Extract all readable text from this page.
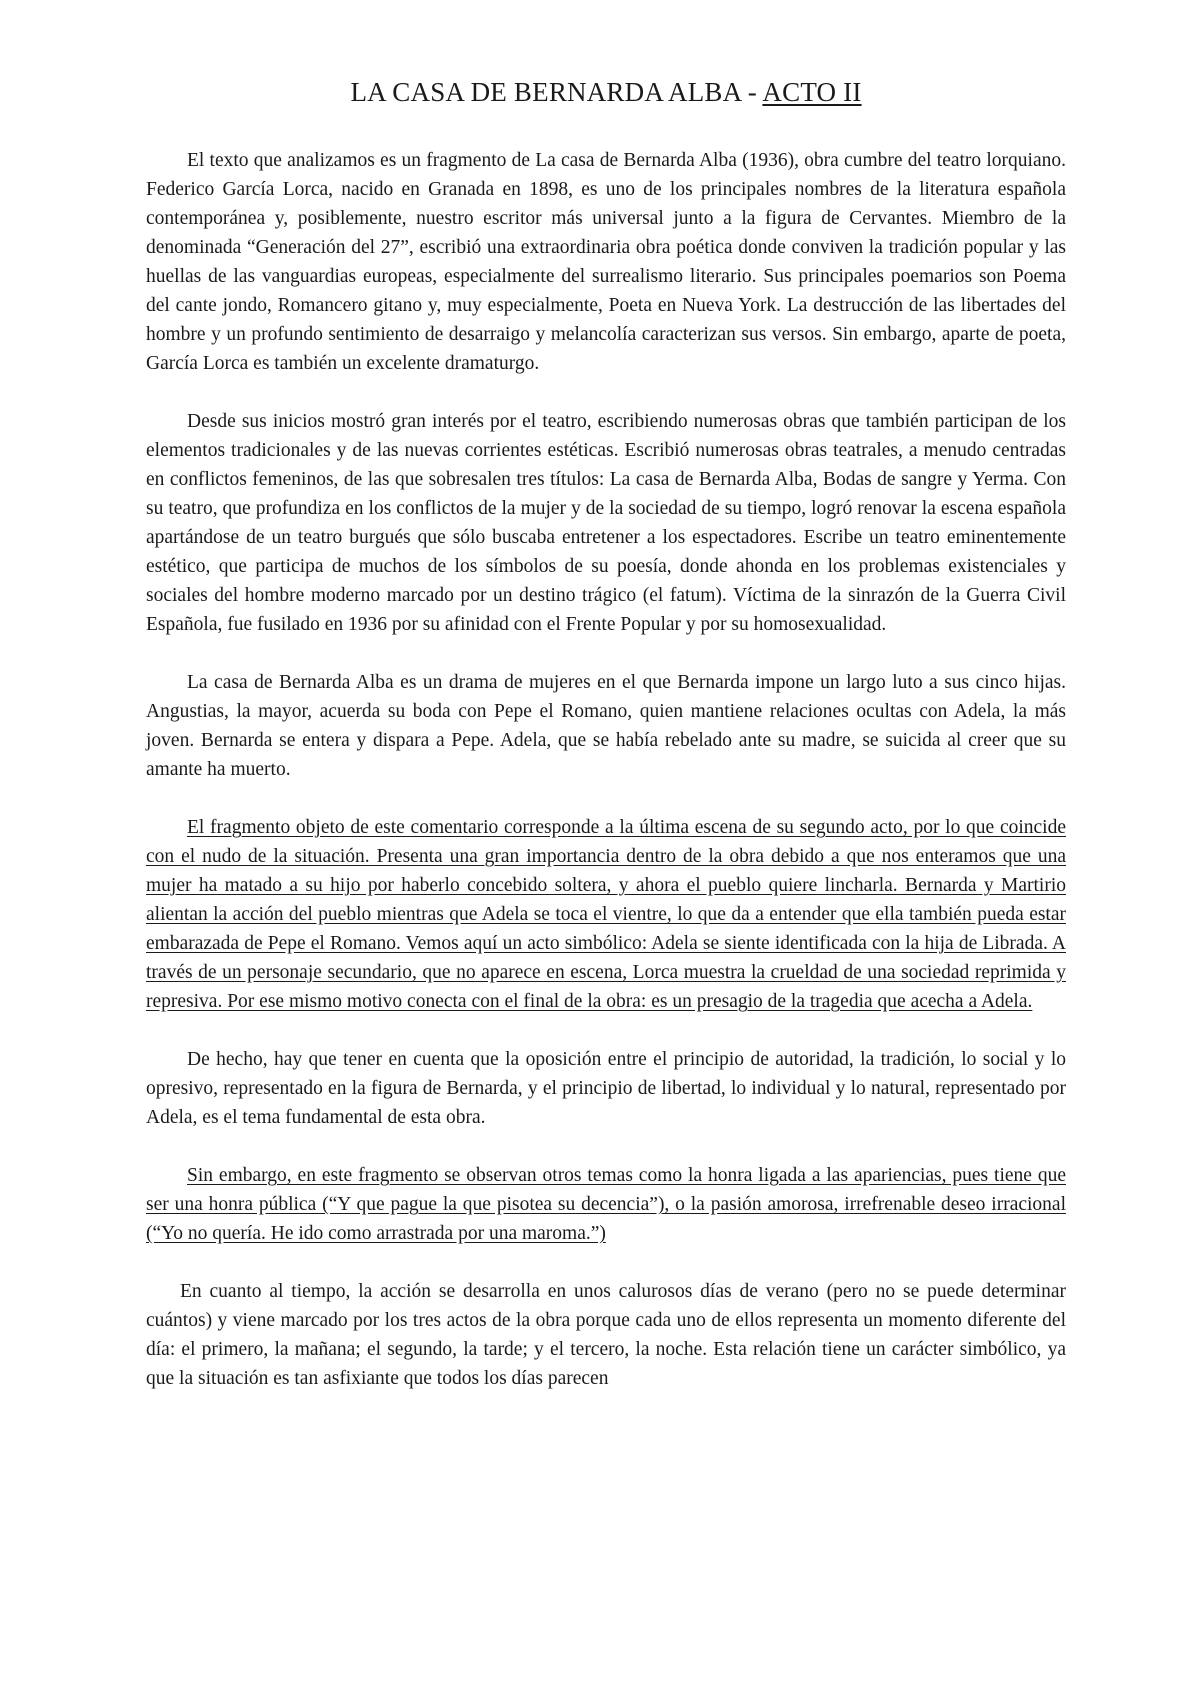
LA CASA DE BERNARDA ALBA - ACTO II

El texto que analizamos es un fragmento de La casa de Bernarda Alba (1936), obra cumbre del teatro lorquiano. Federico García Lorca, nacido en Granada en 1898, es uno de los principales nombres de la literatura española contemporánea y, posiblemente, nuestro escritor más universal junto a la figura de Cervantes. Miembro de la denominada “Generación del 27”, escribió una extraordinaria obra poética donde conviven la tradición popular y las huellas de las vanguardias europeas, especialmente del surrealismo literario. Sus principales poemarios son Poema del cante jondo, Romancero gitano y, muy especialmente, Poeta en Nueva York. La destrucción de las libertades del hombre y un profundo sentimiento de desarraigo y melancolía caracterizan sus versos. Sin embargo, aparte de poeta, García Lorca es también un excelente dramaturgo.

Desde sus inicios mostró gran interés por el teatro, escribiendo numerosas obras que también participan de los elementos tradicionales y de las nuevas corrientes estéticas. Escribió numerosas obras teatrales, a menudo centradas en conflictos femeninos, de las que sobresalen tres títulos: La casa de Bernarda Alba, Bodas de sangre y Yerma. Con su teatro, que profundiza en los conflictos de la mujer y de la sociedad de su tiempo, logró renovar la escena española apartándose de un teatro burgués que sólo buscaba entretener a los espectadores. Escribe un teatro eminentemente estético, que participa de muchos de los símbolos de su poesía, donde ahonda en los problemas existenciales y sociales del hombre moderno marcado por un destino trágico (el fatum). Víctima de la sinrazón de la Guerra Civil Española, fue fusilado en 1936 por su afinidad con el Frente Popular y por su homosexualidad.

La casa de Bernarda Alba es un drama de mujeres en el que Bernarda impone un largo luto a sus cinco hijas. Angustias, la mayor, acuerda su boda con Pepe el Romano, quien mantiene relaciones ocultas con Adela, la más joven. Bernarda se entera y dispara a Pepe. Adela, que se había rebelado ante su madre, se suicida al creer que su amante ha muerto.

El fragmento objeto de este comentario corresponde a la última escena de su segundo acto, por lo que coincide con el nudo de la situación. Presenta una gran importancia dentro de la obra debido a que nos enteramos que una mujer ha matado a su hijo por haberlo concebido soltera, y ahora el pueblo quiere lincharla. Bernarda y Martirio alientan la acción del pueblo mientras que Adela se toca el vientre, lo que da a entender que ella también pueda estar embarazada de Pepe el Romano. Vemos aquí un acto simbólico: Adela se siente identificada con la hija de Librada. A través de un personaje secundario, que no aparece en escena, Lorca muestra la crueldad de una sociedad reprimida y represiva. Por ese mismo motivo conecta con el final de la obra: es un presagio de la tragedia que acecha a Adela.

De hecho, hay que tener en cuenta que la oposición entre el principio de autoridad, la tradición, lo social y lo opresivo, representado en la figura de Bernarda, y el principio de libertad, lo individual y lo natural, representado por Adela, es el tema fundamental de esta obra.

Sin embargo, en este fragmento se observan otros temas como la honra ligada a las apariencias, pues tiene que ser una honra pública (“Y que pague la que pisotea su decencia”), o la pasión amorosa, irrefrenable deseo irracional (“Yo no quería. He ido como arrastrada por una maroma.”)

En cuanto al tiempo, la acción se desarrolla en unos calurosos días de verano (pero no se puede determinar cuántos) y viene marcado por los tres actos de la obra porque cada uno de ellos representa un momento diferente del día: el primero, la mañana; el segundo, la tarde; y el tercero, la noche. Esta relación tiene un carácter simbólico, ya que la situación es tan asfixiante que todos los días parecen
